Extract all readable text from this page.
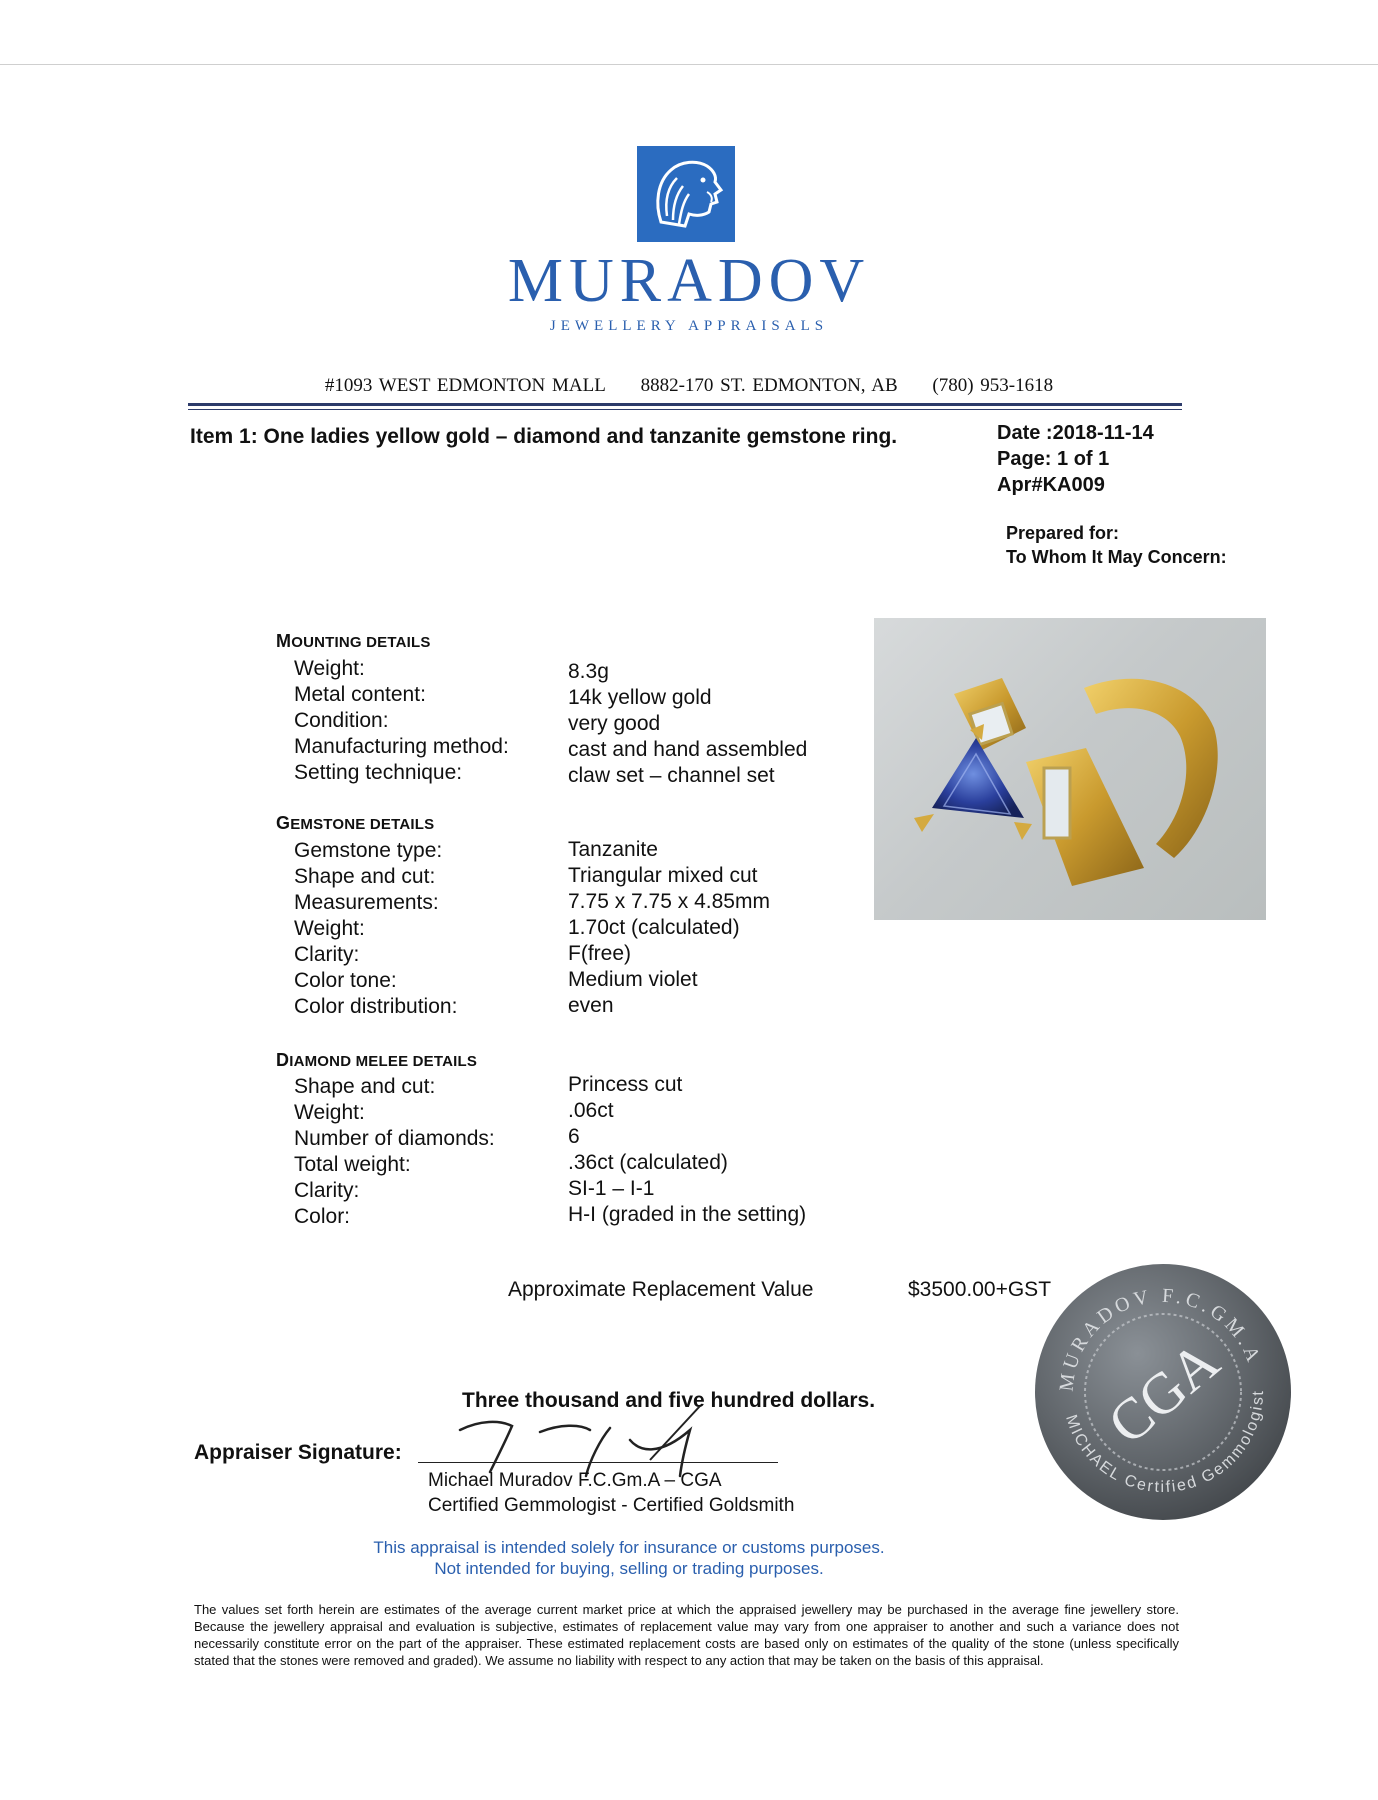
MURADOV
JEWELLERY APPRAISALS
#1093 WEST EDMONTON MALL 8882-170 ST. EDMONTON, AB (780) 953-1618
Item 1: One ladies yellow gold – diamond and tanzanite gemstone ring.	Date :2018-11-14
Page: 1 of 1
Apr#KA009
Prepared for:
To Whom It May Concern:
MOUNTING DETAILS
Weight:	8.3g
Metal content:	14k yellow gold
Condition:	very good
Manufacturing method:	cast and hand assembled
Setting technique:	claw set – channel set
GEMSTONE DETAILS
Gemstone type:	Tanzanite
Shape and cut:	Triangular mixed cut
Measurements:	7.75 x 7.75 x 4.85mm
Weight:	1.70ct (calculated)
Clarity:	F(free)
Color tone:	Medium violet
Color distribution:	even
DIAMOND MELEE DETAILS
Shape and cut:	Princess cut
Weight:	.06ct
Number of diamonds:	6
Total weight:	.36ct (calculated)
Clarity:	SI-1 – I-1
Color:	H-I (graded in the setting)
Approximate Replacement Value	$3500.00+GST
Three thousand and five hundred dollars.
Appraiser Signature:
Michael Muradov F.C.Gm.A – CGA
Certified Gemmologist - Certified Goldsmith
This appraisal is intended solely for insurance or customs purposes.
Not intended for buying, selling or trading purposes.
The values set forth herein are estimates of the average current market price at which the appraised jewellery may be purchased in the average fine jewellery store. Because the jewellery appraisal and evaluation is subjective, estimates of replacement value may vary from one appraiser to another and such a variance does not necessarily constitute error on the part of the appraiser. These estimated replacement costs are based only on estimates of the quality of the stone (unless specifically stated that the stones were removed and graded). We assume no liability with respect to any action that may be taken on the basis of this appraisal.
MURADOV F.C.GM.A
MICHAEL Certified Gemmologist
CGA
